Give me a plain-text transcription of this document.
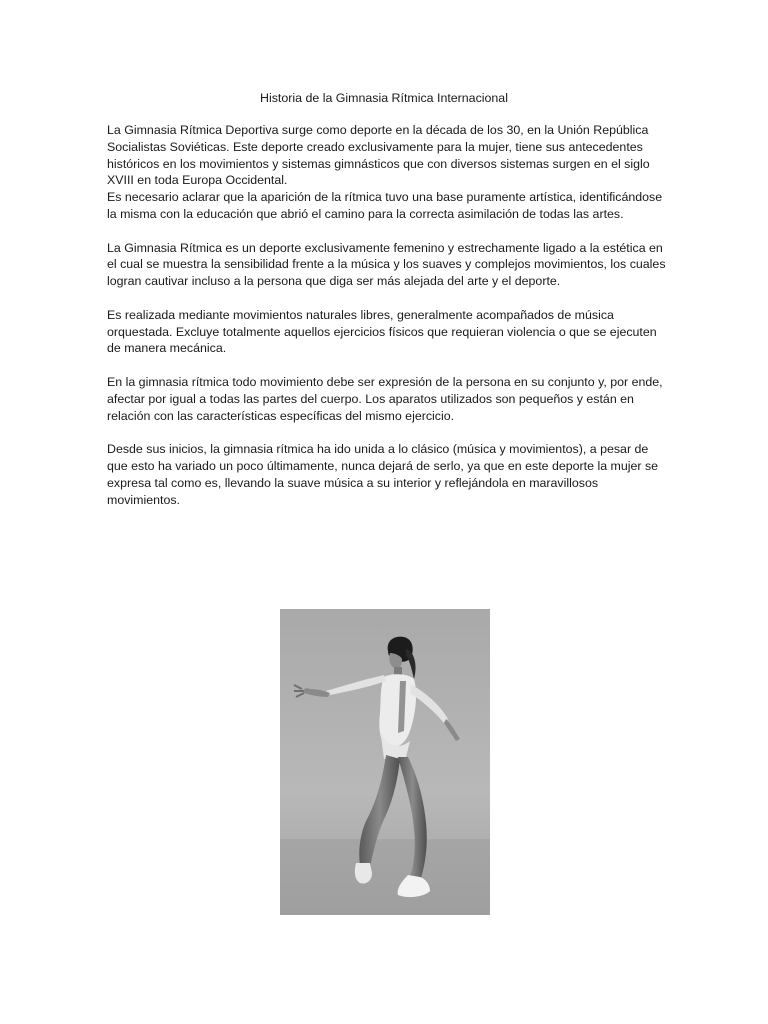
Historia de la Gimnasia Rítmica Internacional

La Gimnasia Rítmica Deportiva surge como deporte en la década de los 30, en la Unión República Socialistas Soviéticas. Este deporte creado exclusivamente para la mujer, tiene sus antecedentes históricos en los movimientos y sistemas gimnásticos que con diversos sistemas surgen en el siglo XVIII en toda Europa Occidental.

Es necesario aclarar que la aparición de la rítmica tuvo una base puramente artística, identificándose la misma con la educación que abrió el camino para la correcta asimilación de todas las artes.

La Gimnasia Rítmica es un deporte exclusivamente femenino y estrechamente ligado a la estética en el cual se muestra la sensibilidad frente a la música y los suaves y complejos movimientos, los cuales logran cautivar incluso a la persona que diga ser más alejada del arte y el deporte.

Es realizada mediante movimientos naturales libres, generalmente acompañados de música orquestada. Excluye totalmente aquellos ejercicios físicos que requieran violencia o que se ejecuten de manera mecánica.

En la gimnasia rítmica todo movimiento debe ser expresión de la persona en su conjunto y, por ende, afectar por igual a todas las partes del cuerpo. Los aparatos utilizados son pequeños y están en relación con las características específicas del mismo ejercicio.

Desde sus inicios, la gimnasia rítmica ha ido unida a lo clásico (música y movimientos), a pesar de que esto ha variado un poco últimamente, nunca dejará de serlo, ya que en este deporte la mujer se expresa tal como es, llevando la suave música a su interior y reflejándola en maravillosos movimientos.
